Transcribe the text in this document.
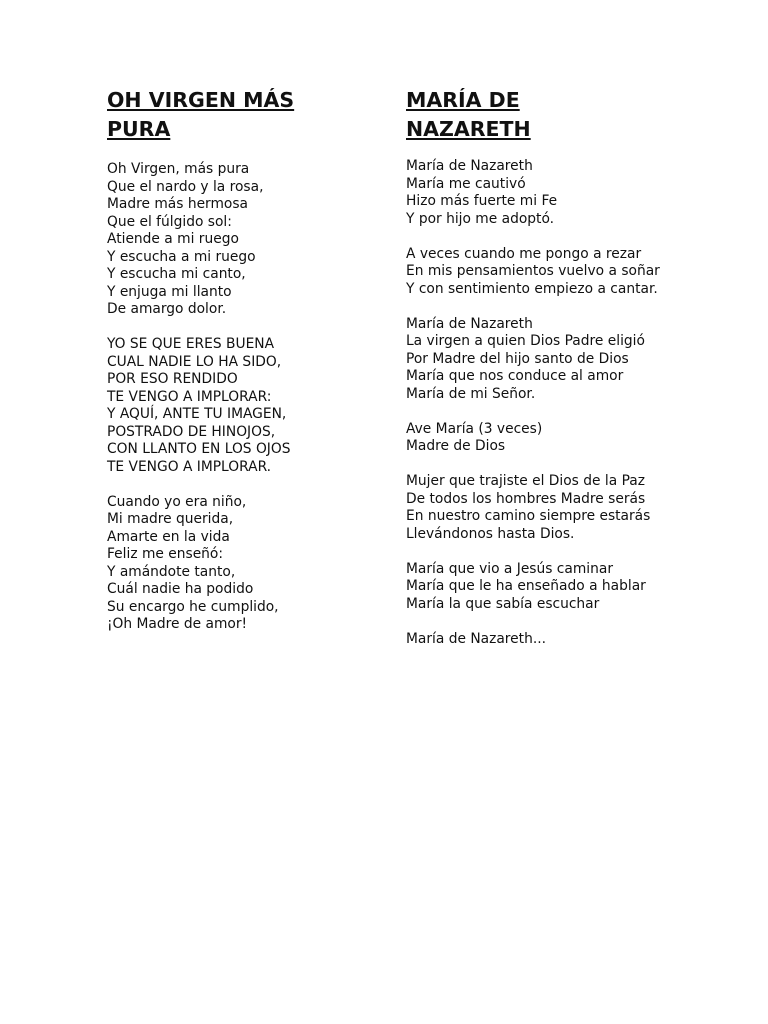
OH VIRGEN MÁS
PURA

Oh Virgen, más pura
Que el nardo y la rosa,
Madre más hermosa
Que el fúlgido sol:
Atiende a mi ruego
Y escucha a mi ruego
Y escucha mi canto,
Y enjuga mi llanto
De amargo dolor.

YO SE QUE ERES BUENA
CUAL NADIE LO HA SIDO,
POR ESO RENDIDO
TE VENGO A IMPLORAR:
Y AQUÍ, ANTE TU IMAGEN,
POSTRADO DE HINOJOS,
CON LLANTO EN LOS OJOS
TE VENGO A IMPLORAR.

Cuando yo era niño,
Mi madre querida,
Amarte en la vida
Feliz me enseñó:
Y amándote tanto,
Cuál nadie ha podido
Su encargo he cumplido,
¡Oh Madre de amor!

MARÍA DE
NAZARETH

María de Nazareth
María me cautivó
Hizo más fuerte mi Fe
Y por hijo me adoptó.

A veces cuando me pongo a rezar
En mis pensamientos vuelvo a soñar
Y con sentimiento empiezo a cantar.

María de Nazareth
La virgen a quien Dios Padre eligió
Por Madre del hijo santo de Dios
María que nos conduce al amor
María de mi Señor.

Ave María (3 veces)
Madre de Dios

Mujer que trajiste el Dios de la Paz
De todos los hombres Madre serás
En nuestro camino siempre estarás
Llevándonos hasta Dios.

María que vio a Jesús caminar
María que le ha enseñado a hablar
María la que sabía escuchar

María de Nazareth...
